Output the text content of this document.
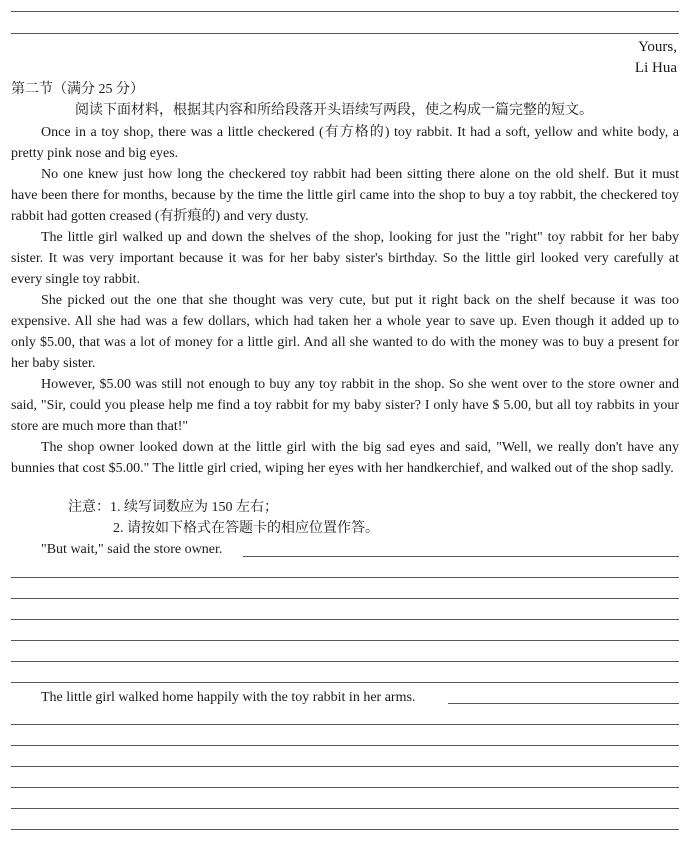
Yours,
Li Hua
第二节（满分 25 分）
阅读下面材料，根据其内容和所给段落开头语续写两段，使之构成一篇完整的短文。

Once in a toy shop, there was a little checkered (有方格的) toy rabbit. It had a soft, yellow and white body, a pretty pink nose and big eyes.

No one knew just how long the checkered toy rabbit had been sitting there alone on the old shelf. But it must have been there for months, because by the time the little girl came into the shop to buy a toy rabbit, the checkered toy rabbit had gotten creased (有折痕的) and very dusty.

The little girl walked up and down the shelves of the shop, looking for just the "right" toy rabbit for her baby sister. It was very important because it was for her baby sister's birthday. So the little girl looked very carefully at every single toy rabbit.

She picked out the one that she thought was very cute, but put it right back on the shelf because it was too expensive. All she had was a few dollars, which had taken her a whole year to save up. Even though it added up to only $5.00, that was a lot of money for a little girl. And all she wanted to do with the money was to buy a present for her baby sister.

However, $5.00 was still not enough to buy any toy rabbit in the shop. So she went over to the store owner and said, "Sir, could you please help me find a toy rabbit for my baby sister? I only have $ 5.00, but all toy rabbits in your store are much more than that!"

The shop owner looked down at the little girl with the big sad eyes and said, "Well, we really don't have any bunnies that cost $5.00." The little girl cried, wiping her eyes with her handkerchief, and walked out of the shop sadly.

注意：1. 续写词数应为 150 左右；
2. 请按如下格式在答题卡的相应位置作答。
"But wait," said the store owner.
The little girl walked home happily with the toy rabbit in her arms.
